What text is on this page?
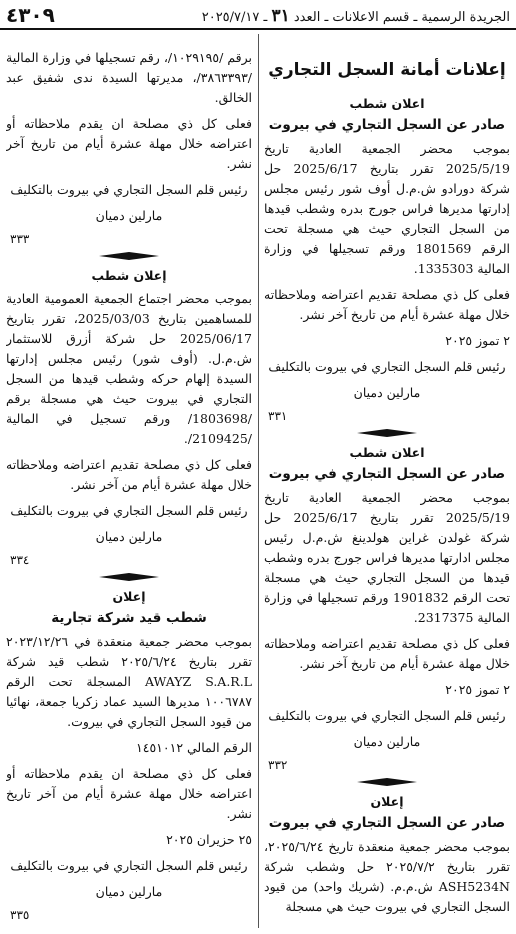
الجريدة الرسمية ـ قسم الاعلانات ـ العدد ٣١ ـ ٢٠٢٥/٧/١٧
٤٣٠٩
إعلانات أمانة السجل التجاري
اعلان شطب
صادر عن السجل التجاري في بيروت

بموجب محضر الجمعية العادية تاريخ 2025/5/19 تقرر بتاريخ 2025/6/17 حل شركة دورادو ش.م.ل أوف شور رئيس مجلس إدارتها مديرها فراس جورج بدره وشطب قيدها من السجل التجاري حيث هي مسجلة تحت الرقم 1801569 ورقم تسجيلها في وزارة المالية 1335303.

فعلى كل ذي مصلحة تقديم اعتراضه وملاحظاته خلال مهلة عشرة أيام من تاريخ آخر نشر.

٢ تموز ٢٠٢٥

رئيس قلم السجل التجاري في بيروت بالتكليف

مارلين دميان

٣٣١
اعلان شطب
صادر عن السجل التجاري في بيروت

بموجب محضر الجمعية العادية تاريخ 2025/5/19 تقرر بتاريخ 2025/6/17 حل شركة غولدن غراين هولدينغ ش.م.ل رئيس مجلس ادارتها مديرها فراس جورج بدره وشطب قيدها من السجل التجاري حيث هي مسجلة تحت الرقم 1901832 ورقم تسجيلها في وزارة المالية 2317375.

فعلى كل ذي مصلحة تقديم اعتراضه وملاحظاته خلال مهلة عشرة أيام من تاريخ آخر نشر.

٢ تموز ٢٠٢٥

رئيس قلم السجل التجاري في بيروت بالتكليف

مارلين دميان

٣٣٢
إعلان
صادر عن السجل التجاري في بيروت

بموجب محضر جمعية منعقدة تاريخ ٢٠٢٥/٦/٢٤، تقرر بتاريخ ٢٠٢٥/٧/٢ حل وشطب شركة ASH5234N ش.م.م. (شريك واحد) من قيود السجل التجاري في بيروت حيث هي مسجلة

برقم /١٠٢٩١٩٥/، رقم تسجيلها في وزارة المالية /٣٨٦٣٣٩٣/، مديرتها السيدة ندى شفيق عبد الخالق.

فعلى كل ذي مصلحة ان يقدم ملاحظاته أو اعتراضه خلال مهلة عشرة أيام من تاريخ آخر نشر.

رئيس قلم السجل التجاري في بيروت بالتكليف

مارلين دميان

٣٣٣
إعلان شطب

بموجب محضر اجتماع الجمعية العمومية العادية للمساهمين بتاريخ 2025/03/03، تقرر بتاريخ 2025/06/17 حل شركة أزرق للاستثمار ش.م.ل. (أوف شور) رئيس مجلس إدارتها السيدة إلهام حركه وشطب قيدها من السجل التجاري في بيروت حيث هي مسجلة برقم /1803698/ ورقم تسجيل في المالية /2109425/.

فعلى كل ذي مصلحة تقديم اعتراضه وملاحظاته خلال مهلة عشرة أيام من آخر نشر.

رئيس قلم السجل التجاري في بيروت بالتكليف

مارلين دميان

٣٣٤
إعلان
شطب قيد شركة تجارية

بموجب محضر جمعية منعقدة في ٢٠٢٣/١٢/٢٦ تقرر بتاريخ ٢٠٢٥/٦/٢٤ شطب قيد شركة AWAYZ S.A.R.L المسجلة تحت الرقم ١٠٠٦٧٨٧ مديرها السيد عماد زكريا جمعة، نهائيا من قيود السجل التجاري في بيروت.

الرقم المالي ١٤٥١٠١٢

فعلى كل ذي مصلحة ان يقدم ملاحظاته أو اعتراضه خلال مهلة عشرة أيام من آخر تاريخ نشر.

٢٥ حزيران ٢٠٢٥

رئيس قلم السجل التجاري في بيروت بالتكليف

مارلين دميان

٣٣٥
